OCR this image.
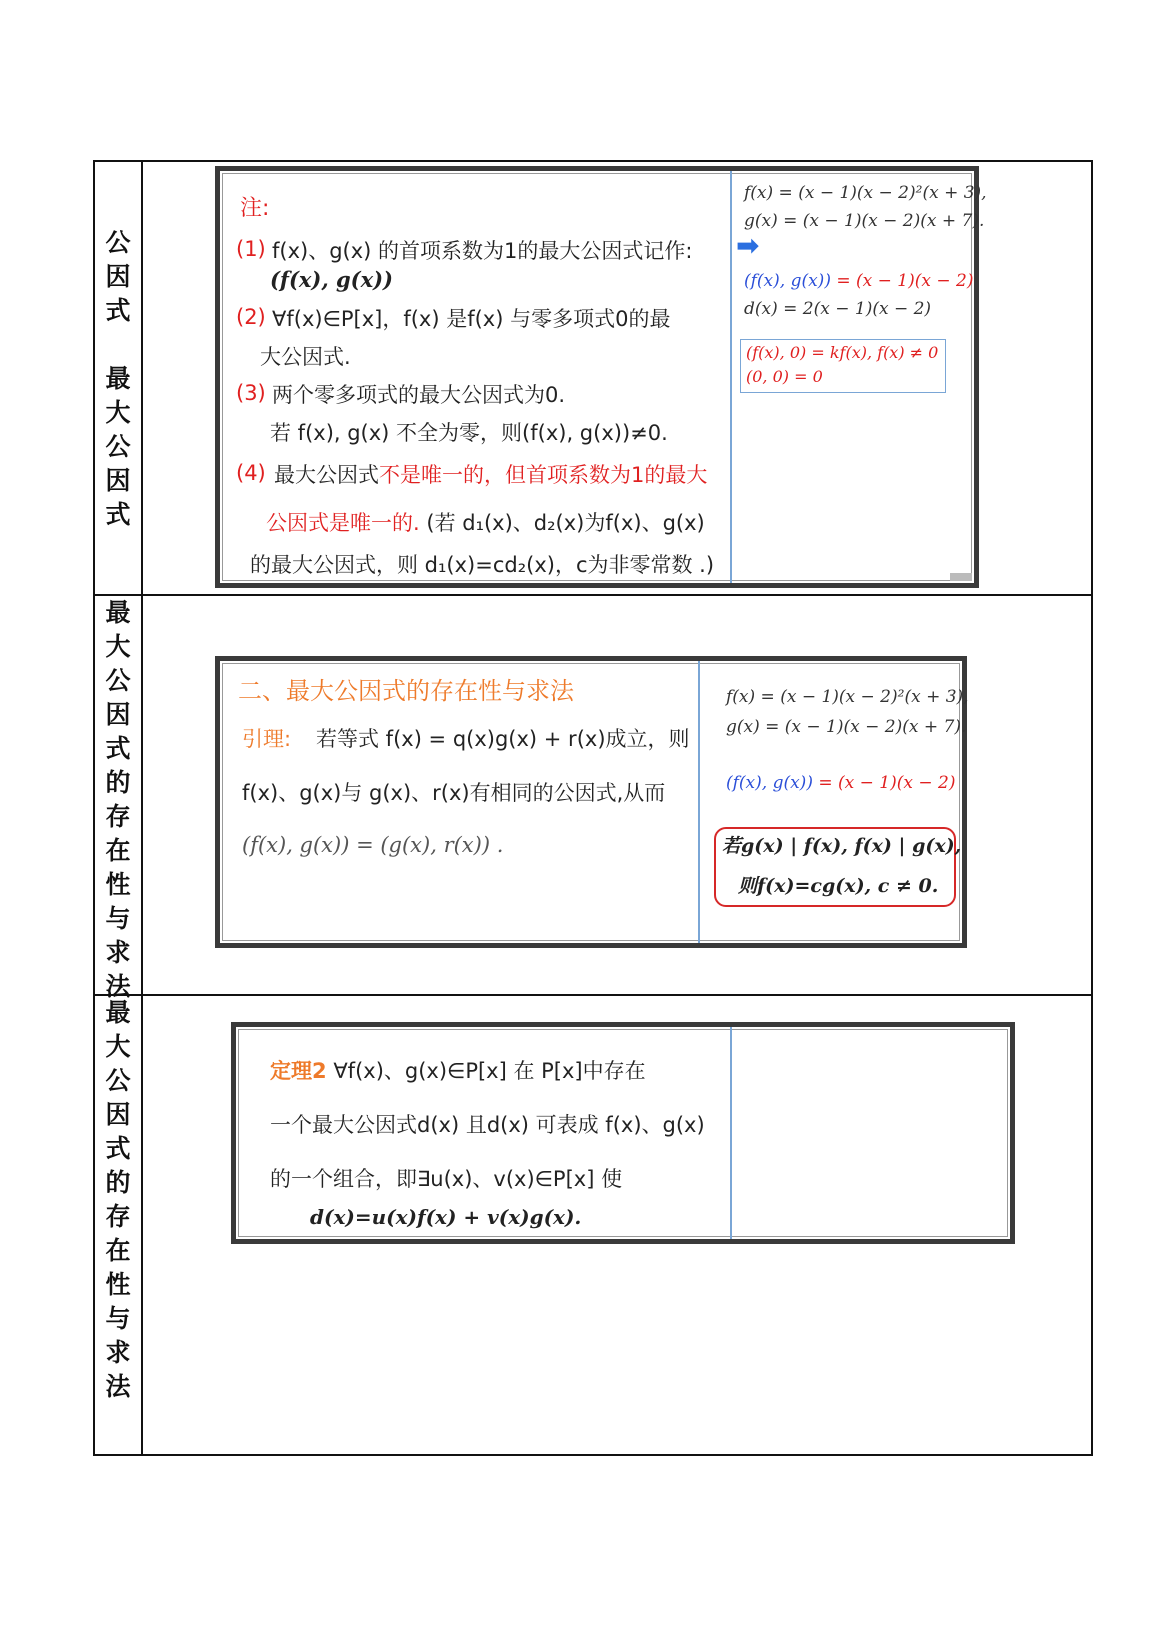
公
因
式
最
大
公
因
式
注:
(1) f(x)、g(x) 的首项系数为1的最大公因式记作:
(f(x), g(x))
(2) ∀f(x)∈P[x]，f(x) 是f(x) 与零多项式0的最
大公因式.
(3) 两个零多项式的最大公因式为0.
若 f(x), g(x) 不全为零，则(f(x), g(x))≠0.
(4) 最大公因式不是唯一的，但首项系数为1的最大
公因式是唯一的. (若 d₁(x)、d₂(x)为f(x)、g(x)
的最大公因式，则 d₁(x)=cd₂(x)，c为非零常数 .)
f(x) = (x − 1)(x − 2)²(x + 3),
g(x) = (x − 1)(x − 2)(x + 7).
➡
(f(x), g(x)) = (x − 1)(x − 2)
d(x) = 2(x − 1)(x − 2)
(f(x), 0) = kf(x), f(x) ≠ 0
(0, 0) = 0
最
大
公
因
式
的
存
在
性
与
求
法
二、最大公因式的存在性与求法
引理: 若等式 f(x) = q(x)g(x) + r(x)成立，则
f(x)、g(x)与 g(x)、r(x)有相同的公因式,从而
(f(x), g(x)) = (g(x), r(x)) .
f(x) = (x − 1)(x − 2)²(x + 3),
g(x) = (x − 1)(x − 2)(x + 7).
(f(x), g(x)) = (x − 1)(x − 2)
若g(x) | f(x), f(x) | g(x),
则f(x)=cg(x), c ≠ 0.
最
大
公
因
式
的
存
在
性
与
求
法
定理2 ∀f(x)、g(x)∈P[x] 在 P[x]中存在
一个最大公因式d(x) 且d(x) 可表成 f(x)、g(x)
的一个组合，即∃u(x)、v(x)∈P[x] 使
d(x)=u(x)f(x) + v(x)g(x).
